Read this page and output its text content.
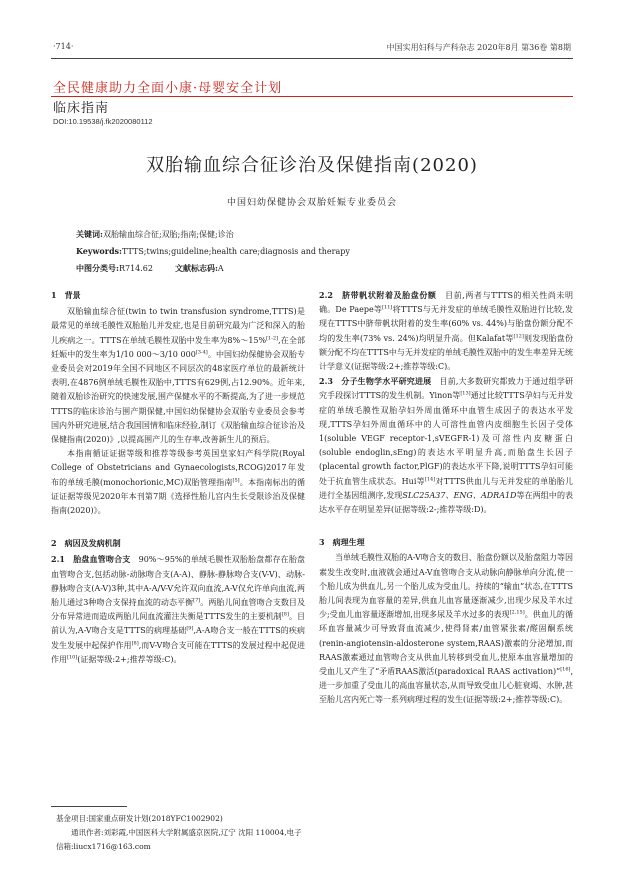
·714·	中国实用妇科与产科杂志 2020年8月 第36卷 第8期
全民健康助力全面小康·母婴安全计划
临床指南
DOI:10.19538/j.fk2020080112
双胎输血综合征诊治及保健指南(2020)
中国妇幼保健协会双胎妊娠专业委员会
关键词:双胎输血综合征;双胎;指南;保健;诊治
Keywords:TTTS;twins;guideline;health care;diagnosis and therapy
中图分类号:R714.62	文献标志码:A

1　背景

双胎输血综合征(twin to twin transfusion syndrome,TTTS)是最常见的单绒毛膜性双胎胎儿并发症,也是目前研究最为广泛和深入的胎儿疾病之一。TTTS在单绒毛膜性双胎中发生率为8%～15%[1-2],在全部妊娠中的发生率为1/10 000～3/10 000[3-4]。中国妇幼保健协会双胎专业委员会对2019年全国不同地区不同层次的48家医疗单位的最新统计表明,在4876例单绒毛膜性双胎中,TTTS有629例,占12.90%。近年来,随着双胎诊治研究的快速发展,围产保健水平的不断提高,为了进一步规范TTTS的临床诊治与围产期保健,中国妇幼保健协会双胎专业委员会参考国内外研究进展,结合我国国情和临床经验,制订《双胎输血综合征诊治及保健指南(2020)》,以提高围产儿的生存率,改善新生儿的预后。

本指南循证证据等级和推荐等级参考英国皇家妇产科学院(Royal College of Obstetricians and Gynaecologists,RCOG)2017年发布的单绒毛膜(monochorionic,MC)双胎管理指南[5]。本指南标出的循证证据等级见2020年本刊第7期《选择性胎儿宫内生长受限诊治及保健指南(2020)》。

2　病因及发病机制

2.1　 胎盘血管吻合支　 90%～95%的单绒毛膜性双胎胎盘都存在胎盘血管吻合支,包括动脉-动脉吻合支(A-A)、静脉-静脉吻合支(V-V)、动脉-静脉吻合支(A-V)3种,其中A-A/V-V允许双向血流,A-V仅允许单向血流,两胎儿通过3种吻合支保持血流的动态平衡[7]。两胎儿间血管吻合支数目及分布异常进而造成两胎儿间血流灌注失衡是TTTS发生的主要机制[8]。目前认为,A-V吻合支是TTTS的病理基础[9],A-A吻合支一般在TTTS的疾病发生发展中起保护作用[8],而V-V吻合支可能在TTTS的发展过程中起促进作用[10](证据等级:2+;推荐等级:C)。

2.2　 脐带帆状附着及胎盘份额　 目前,两者与TTTS的相关性尚未明确。De Paepe等[11]将TTTS与无并发症的单绒毛膜性双胎进行比较,发现在TTTS中脐带帆状附着的发生率(60% vs. 44%)与胎盘份额分配不均的发生率(73% vs. 24%)均明显升高。但Kalafat等[12]则发现胎盘份额分配不均在TTTS中与无并发症的单绒毛膜性双胎中的发生率差异无统计学意义(证据等级:2+;推荐等级:C)。

2.3　 分子生物学水平研究进展　 目前,大多数研究都致力于通过组学研究手段探讨TTTS的发生机制。Yinon等[13]通过比较TTTS孕妇与无并发症的单绒毛膜性双胎孕妇外周血循环中血管生成因子的表达水平发现,TTTS孕妇外周血循环中的人可溶性血管内皮细胞生长因子受体1(soluble VEGF receptor-1,sVEGFR-1)及可溶性内皮糖蛋白(soluble endoglin,sEng)的表达水平明显升高,而胎盘生长因子(placental growth factor,PlGF)的表达水平下降,说明TTTS孕妇可能处于抗血管生成状态。Hui等[14]对TTTS供血儿与无并发症的单胎胎儿进行全基因组测序,发现SLC25A37、ENG、ADRA1D等在两组中的表达水平存在明显差异(证据等级:2-;推荐等级:D)。

3　病理生理

当单绒毛膜性双胎的A-V吻合支的数目、胎盘份额以及胎盘阻力等因素发生改变时,血液就会通过A-V血管吻合支从动脉向静脉单向分流,使一个胎儿成为供血儿,另一个胎儿成为受血儿。持续的“输血”状态,在TTTS胎儿间表现为血容量的差异,供血儿血容量逐渐减少,出现少尿及羊水过少;受血儿血容量逐渐增加,出现多尿及羊水过多的表现[2,15]。供血儿的循环血容量减少可导致肾血流减少,使得肾素/血管紧张素/醛固酮系统(renin-angiotensin-aldosterone system,RAAS)激素的分泌增加,而RAAS激素通过血管吻合支从供血儿转移到受血儿,使原本血容量增加的受血儿又产生了“矛盾RAAS激活(paradoxical RAAS activation)”[16],进一步加重了受血儿的高血容量状态,从而导致受血儿心脏衰竭、水肿,甚至胎儿宫内死亡等一系列病理过程的发生(证据等级:2+;推荐等级:C)。

基金项目:国家重点研发计划(2018YFC1002902)
通讯作者:刘彩霞,中国医科大学附属盛京医院,辽宁 沈阳 110004,电子信箱:liucx1716@163.com
